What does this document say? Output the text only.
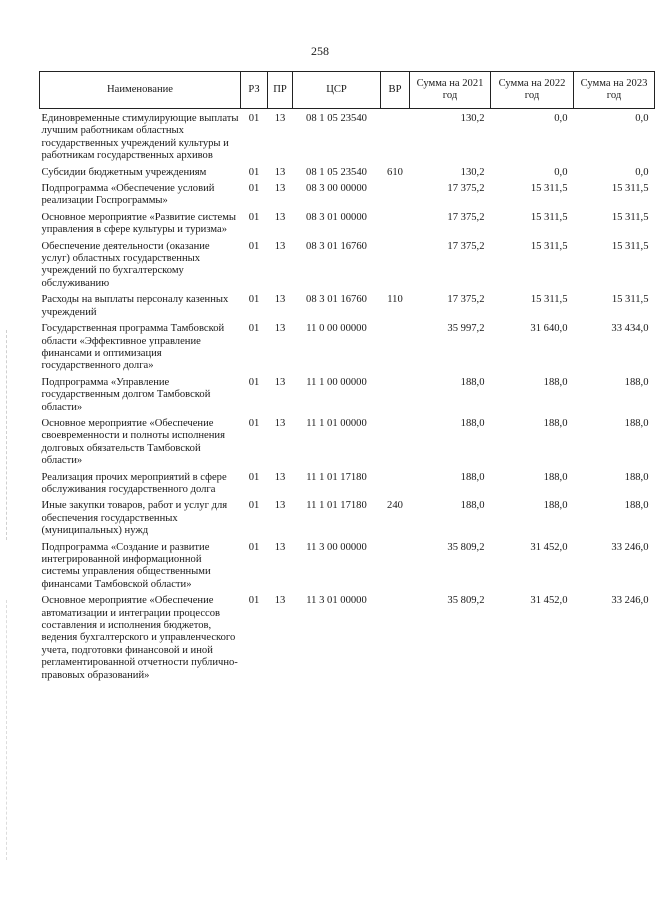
258
Наименование	РЗ	ПР	ЦСР	ВР	Сумма на 2021 год	Сумма на 2022 год	Сумма на 2023 год
Единовременные стимулирующие выплаты лучшим работникам областных государственных учреждений культуры и работникам государственных архивов	01	13	08 1 05 23540		130,2	0,0	0,0
Субсидии бюджетным учреждениям	01	13	08 1 05 23540	610	130,2	0,0	0,0
Подпрограмма «Обеспечение условий реализации Госпрограммы»	01	13	08 3 00 00000		17 375,2	15 311,5	15 311,5
Основное мероприятие «Развитие системы управления в сфере культуры и туризма»	01	13	08 3 01 00000		17 375,2	15 311,5	15 311,5
Обеспечение деятельности (оказание услуг) областных государственных учреждений по бухгалтерскому обслуживанию	01	13	08 3 01 16760		17 375,2	15 311,5	15 311,5
Расходы на выплаты персоналу казенных учреждений	01	13	08 3 01 16760	110	17 375,2	15 311,5	15 311,5
Государственная программа Тамбовской области «Эффективное управление финансами и оптимизация государственного долга»	01	13	11 0 00 00000		35 997,2	31 640,0	33 434,0
Подпрограмма «Управление государственным долгом Тамбовской области»	01	13	11 1 00 00000		188,0	188,0	188,0
Основное мероприятие «Обеспечение своевременности и полноты исполнения долговых обязательств Тамбовской области»	01	13	11 1 01 00000		188,0	188,0	188,0
Реализация прочих мероприятий в сфере обслуживания государственного долга	01	13	11 1 01 17180		188,0	188,0	188,0
Иные закупки товаров, работ и услуг для обеспечения государственных (муниципальных) нужд	01	13	11 1 01 17180	240	188,0	188,0	188,0
Подпрограмма «Создание и развитие интегрированной информационной системы управления общественными финансами Тамбовской области»	01	13	11 3 00 00000		35 809,2	31 452,0	33 246,0
Основное мероприятие «Обеспечение автоматизации и интеграции процессов составления и исполнения бюджетов, ведения бухгалтерского и управленческого учета, подготовки финансовой и иной регламентированной отчетности публично-правовых образований»	01	13	11 3 01 00000		35 809,2	31 452,0	33 246,0
